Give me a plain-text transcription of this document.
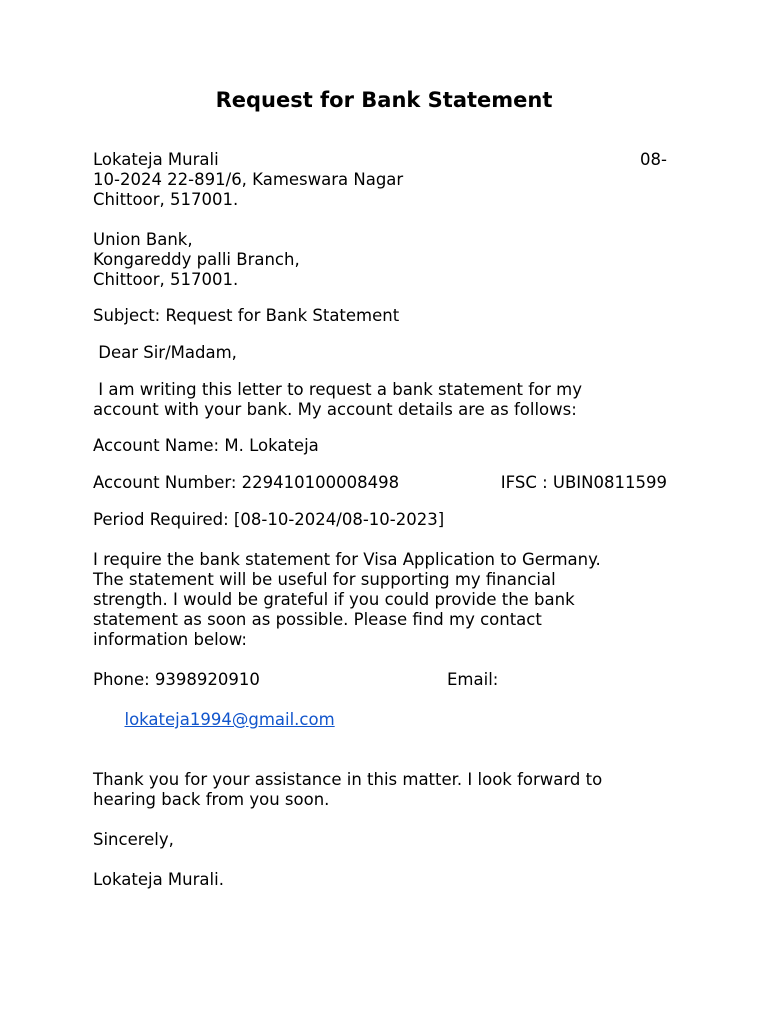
Request for Bank Statement
Lokateja Murali	08-
10-2024 22-891/6, Kameswara Nagar
Chittoor, 517001.
Union Bank,
Kongareddy palli Branch,
Chittoor, 517001.
Subject: Request for Bank Statement
Dear Sir/Madam,
I am writing this letter to request a bank statement for my
account with your bank. My account details are as follows:
Account Name: M. Lokateja
Account Number: 229410100008498	IFSC : UBIN0811599
Period Required: [08-10-2024/08-10-2023]
I require the bank statement for Visa Application to Germany.
The statement will be useful for supporting my financial
strength. I would be grateful if you could provide the bank
statement as soon as possible. Please find my contact
information below:
Phone: 9398920910	Email:

lokateja1994@gmail.com

Thank you for your assistance in this matter. I look forward to
hearing back from you soon.
Sincerely,
Lokateja Murali.
